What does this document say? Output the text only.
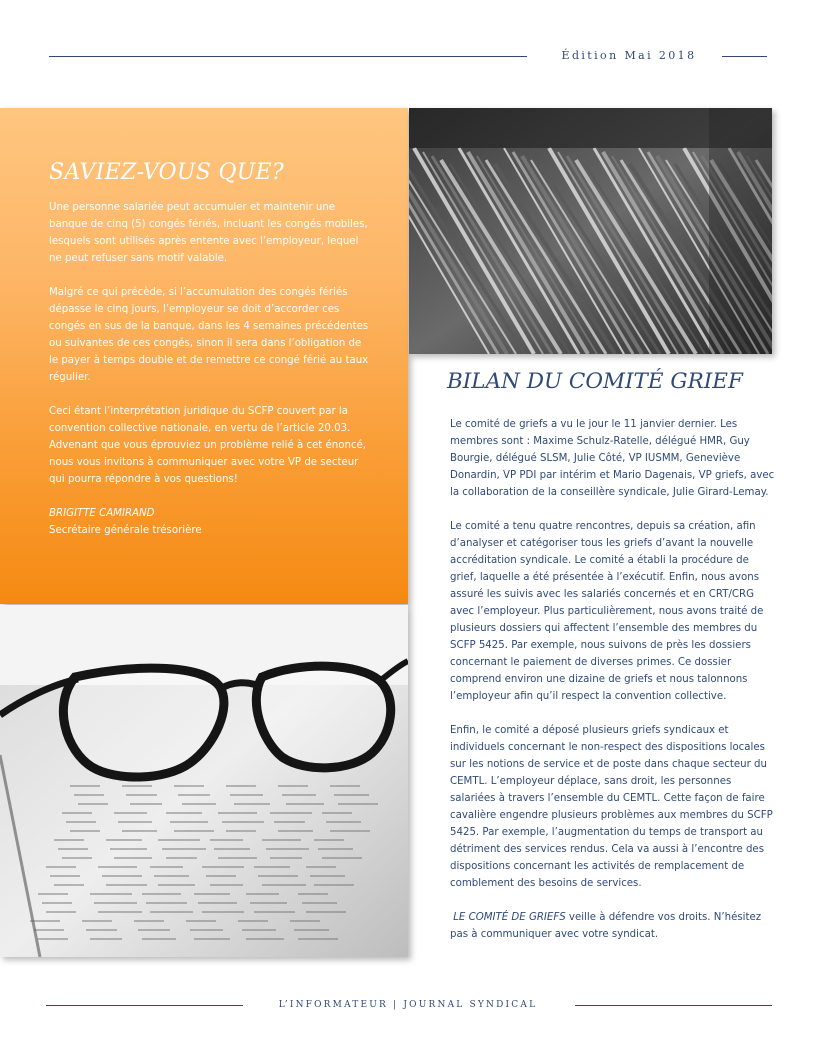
Édition Mai 2018
SAVIEZ-VOUS QUE?

Une personne salariée peut accumuler et maintenir une banque de cinq (5) congés fériés, incluant les congés mobiles, lesquels sont utilisés après entente avec l’employeur, lequel ne peut refuser sans motif valable.

Malgré ce qui précède, si l’accumulation des congés fériés dépasse le cinq jours, l’employeur se doit d’accorder ces congés en sus de la banque, dans les 4 semaines précédentes ou suivantes de ces congés, sinon il sera dans l’obligation de le payer à temps double et de remettre ce congé férié au taux régulier.

Ceci étant l’interprétation juridique du SCFP couvert par la convention collective nationale, en vertu de l’article 20.03. Advenant que vous éprouviez un problème relié à cet énoncé, nous vous invitons à communiquer avec votre VP de secteur qui pourra répondre à vos questions!

BRIGITTE CAMIRAND
Secrétaire générale trésorière
BILAN DU COMITÉ GRIEF

Le comité de griefs a vu le jour le 11 janvier dernier. Les membres sont : Maxime Schulz-Ratelle, délégué HMR, Guy Bourgie, délégué SLSM, Julie Côté, VP IUSMM, Geneviève Donardin, VP PDI par intérim et Mario Dagenais, VP griefs, avec la collaboration de la conseillère syndicale, Julie Girard-Lemay.

Le comité a tenu quatre rencontres, depuis sa création, afin d’analyser et catégoriser tous les griefs d’avant la nouvelle accréditation syndicale. Le comité a établi la procédure de grief, laquelle a été présentée à l’exécutif. Enfin, nous avons assuré les suivis avec les salariés concernés et en CRT/CRG avec l’employeur. Plus particulièrement, nous avons traité de plusieurs dossiers qui affectent l’ensemble des membres du SCFP 5425. Par exemple, nous suivons de près les dossiers concernant le paiement de diverses primes. Ce dossier comprend environ une dizaine de griefs et nous talonnons l’employeur afin qu’il respect la convention collective.

Enfin, le comité a déposé plusieurs griefs syndicaux et individuels concernant le non-respect des dispositions locales sur les notions de service et de poste dans chaque secteur du CEMTL. L’employeur déplace, sans droit, les personnes salariées à travers l’ensemble du CEMTL. Cette façon de faire cavalière engendre plusieurs problèmes aux membres du SCFP 5425. Par exemple, l’augmentation du temps de transport au détriment des services rendus. Cela va aussi à l’encontre des dispositions concernant les activités de remplacement de comblement des besoins de services.

LE COMITÉ DE GRIEFS veille à défendre vos droits. N’hésitez pas à communiquer avec votre syndicat.

L’INFORMATEUR | JOURNAL SYNDICAL
